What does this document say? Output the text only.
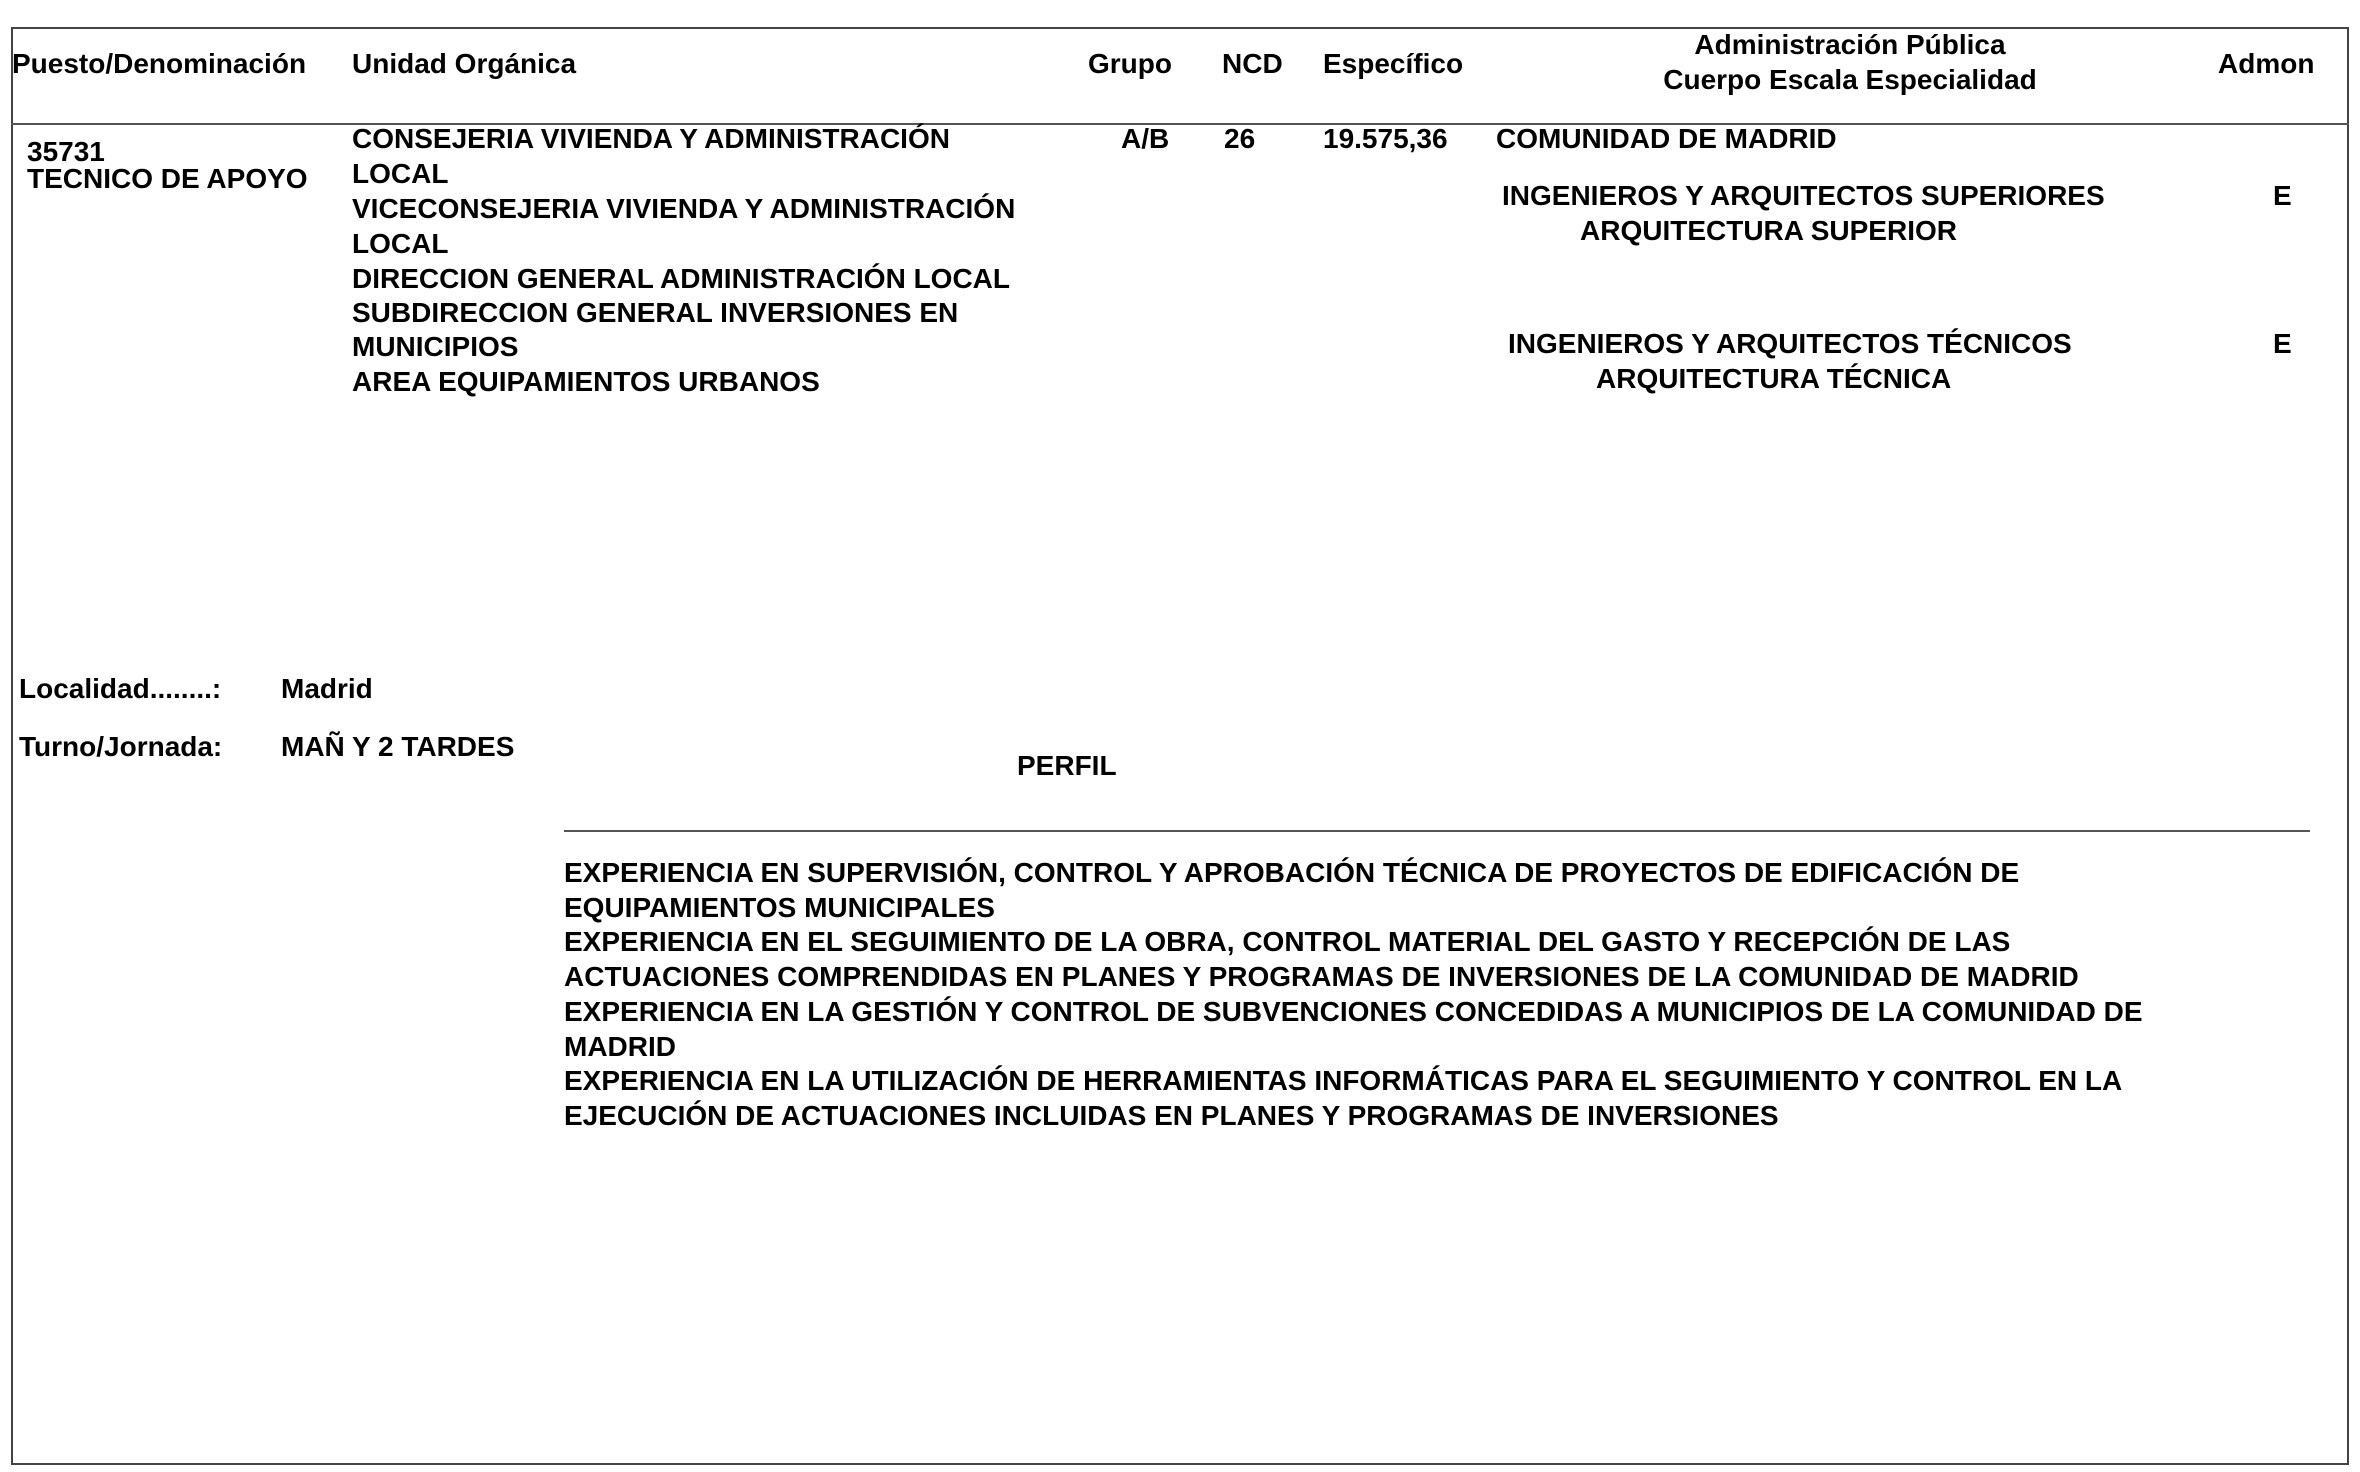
Puesto/Denominación Unidad Orgánica	Grupo NCD Específico
Administración Pública
Cuerpo Escala Especialidad
Admon
35731
TECNICO DE APOYO
CONSEJERIA VIVIENDA Y ADMINISTRACIÓN
LOCAL
VICECONSEJERIA VIVIENDA Y ADMINISTRACIÓN
LOCAL
DIRECCION GENERAL ADMINISTRACIÓN LOCAL
SUBDIRECCION GENERAL INVERSIONES EN
MUNICIPIOS
AREA EQUIPAMIENTOS URBANOS
A/B 26 19.575,36 COMUNIDAD DE MADRID
INGENIEROS Y ARQUITECTOS SUPERIORES
ARQUITECTURA SUPERIOR
E
INGENIEROS Y ARQUITECTOS TÉCNICOS
ARQUITECTURA TÉCNICA
E
Localidad........: Madrid
Turno/Jornada: MAÑ Y 2 TARDES
PERFIL
EXPERIENCIA EN SUPERVISIÓN, CONTROL Y APROBACIÓN TÉCNICA DE PROYECTOS DE EDIFICACIÓN DE
EQUIPAMIENTOS MUNICIPALES
EXPERIENCIA EN EL SEGUIMIENTO DE LA OBRA, CONTROL MATERIAL DEL GASTO Y RECEPCIÓN DE LAS
ACTUACIONES COMPRENDIDAS EN PLANES Y PROGRAMAS DE INVERSIONES DE LA COMUNIDAD DE MADRID
EXPERIENCIA EN LA GESTIÓN Y CONTROL DE SUBVENCIONES CONCEDIDAS A MUNICIPIOS DE LA COMUNIDAD DE
MADRID
EXPERIENCIA EN LA UTILIZACIÓN DE HERRAMIENTAS INFORMÁTICAS PARA EL SEGUIMIENTO Y CONTROL EN LA
EJECUCIÓN DE ACTUACIONES INCLUIDAS EN PLANES Y PROGRAMAS DE INVERSIONES
